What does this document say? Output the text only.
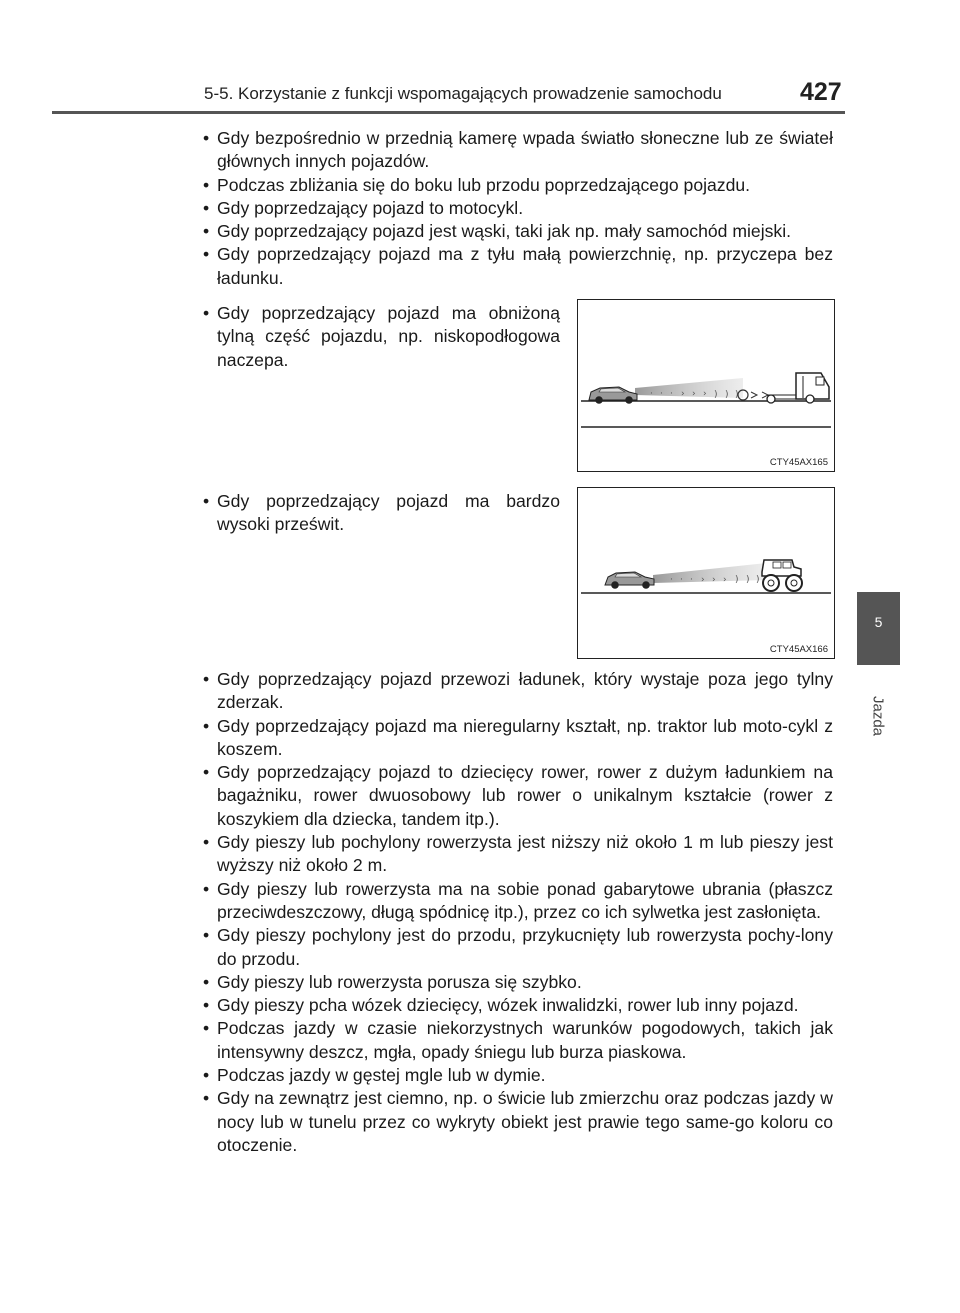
5-5. Korzystanie z funkcji wspomagających prowadzenie samochodu	427
5
Jazda
• Gdy bezpośrednio w przednią kamerę wpada światło słoneczne lub ze świateł głównych innych pojazdów.
• Podczas zbliżania się do boku lub przodu poprzedzającego pojazdu.
• Gdy poprzedzający pojazd to motocykl.
• Gdy poprzedzający pojazd jest wąski, taki jak np. mały samochód miejski.
• Gdy poprzedzający pojazd ma z tyłu małą powierzchnię, np. przyczepa bez ładunku.
• Gdy poprzedzający pojazd ma obniżoną tylną część pojazdu, np. niskopodłogowa naczepa.
· · · › › › ) ) )
CTY45AX165
• Gdy poprzedzający pojazd ma bardzo wysoki prześwit.
· · · › › › ) ) )
CTY45AX166
• Gdy poprzedzający pojazd przewozi ładunek, który wystaje poza jego tylny zderzak.
• Gdy poprzedzający pojazd ma nieregularny kształt, np. traktor lub moto-cykl z koszem.
• Gdy poprzedzający pojazd to dziecięcy rower, rower z dużym ładunkiem na bagażniku, rower dwuosobowy lub rower o unikalnym kształcie (rower z koszykiem dla dziecka, tandem itp.).
• Gdy pieszy lub pochylony rowerzysta jest niższy niż około 1 m lub pieszy jest wyższy niż około 2 m.
• Gdy pieszy lub rowerzysta ma na sobie ponad gabarytowe ubrania (płaszcz przeciwdeszczowy, długą spódnicę itp.), przez co ich sylwetka jest zasłonięta.
• Gdy pieszy pochylony jest do przodu, przykucnięty lub rowerzysta pochy-lony do przodu.
• Gdy pieszy lub rowerzysta porusza się szybko.
• Gdy pieszy pcha wózek dziecięcy, wózek inwalidzki, rower lub inny pojazd.
• Podczas jazdy w czasie niekorzystnych warunków pogodowych, takich jak intensywny deszcz, mgła, opady śniegu lub burza piaskowa.
• Podczas jazdy w gęstej mgle lub w dymie.
• Gdy na zewnątrz jest ciemno, np. o świcie lub zmierzchu oraz podczas jazdy w nocy lub w tunelu przez co wykryty obiekt jest prawie tego same-go koloru co otoczenie.
